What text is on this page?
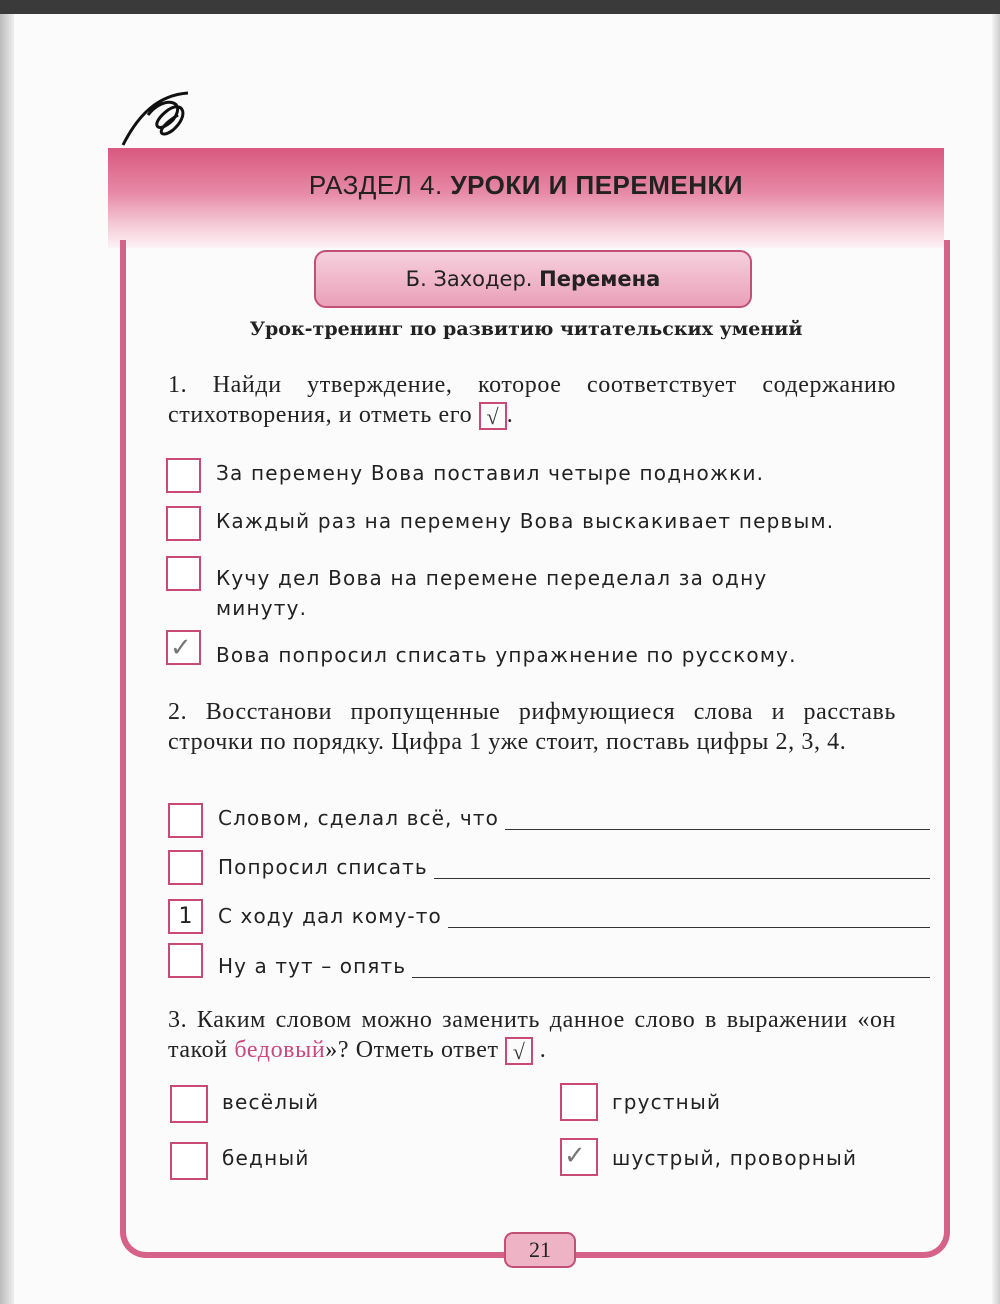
РАЗДЕЛ 4. УРОКИ И ПЕРЕМЕНКИ
Б. Заходер. Перемена
Урок-тренинг по развитию читательских умений
1. Найди утверждение, которое соответствует содержанию стихотворения, и отметь его √ .
За перемену Вова поставил четыре подножки.
Каждый раз на перемену Вова выскакивает первым.
Кучу дел Вова на перемене переделал за одну минуту.
✓ Вова попросил списать упражнение по русскому.
2. Восстанови пропущенные рифмующиеся слова и расставь строчки по порядку. Цифра 1 уже стоит, поставь цифры 2, 3, 4.
Словом, сделал всё, что
Попросил списать
1	С ходу дал кому-то
Ну а тут – опять
3. Каким словом можно заменить данное слово в выражении «он такой бедовый»? Отметь ответ √ .
весёлый	грустный
бедный	✓ шустрый, проворный
21
